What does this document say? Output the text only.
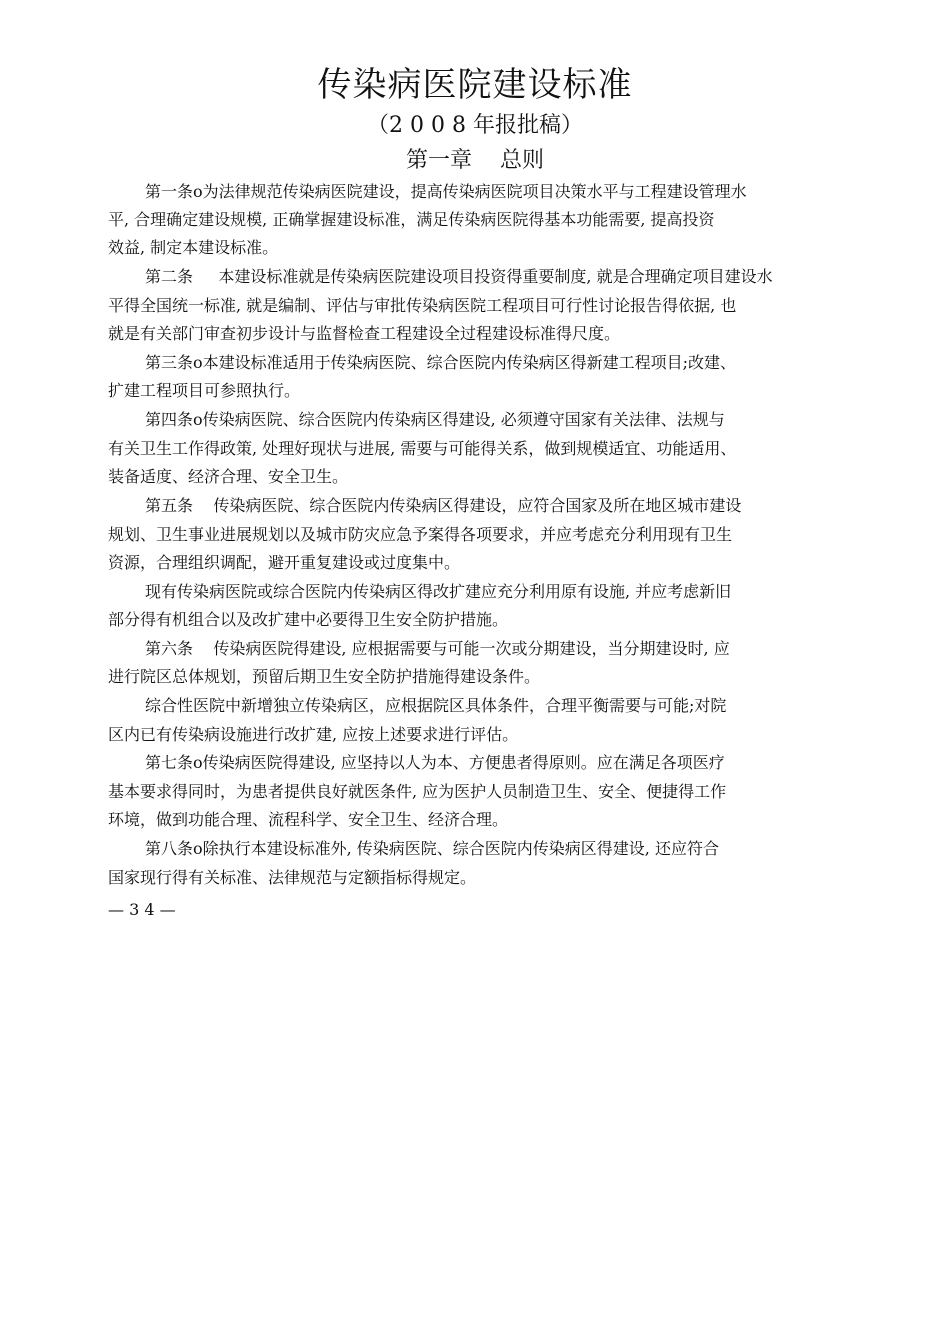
传染病医院建设标准
（2 0 0 8 年报批稿）
第一章    总则
第一条ο为法律规范传染病医院建设，提高传染病医院项目决策水平与工程建设管理水
平, 合理确定建设规模, 正确掌握建设标准，满足传染病医院得基本功能需要, 提高投资
效益, 制定本建设标准。
第二条     本建设标准就是传染病医院建设项目投资得重要制度, 就是合理确定项目建设水
平得全国统一标准, 就是编制、评估与审批传染病医院工程项目可行性讨论报告得依据, 也
就是有关部门审查初步设计与监督检查工程建设全过程建设标准得尺度。
第三条ο本建设标准适用于传染病医院、综合医院内传染病区得新建工程项目;改建、
扩建工程项目可参照执行。
第四条ο传染病医院、综合医院内传染病区得建设, 必须遵守国家有关法律、法规与
有关卫生工作得政策, 处理好现状与进展, 需要与可能得关系，做到规模适宜、功能适用、
装备适度、经济合理、安全卫生。
第五条    传染病医院、综合医院内传染病区得建设，应符合国家及所在地区城市建设
规划、卫生事业进展规划以及城市防灾应急予案得各项要求，并应考虑充分利用现有卫生
资源，合理组织调配，避开重复建设或过度集中。
现有传染病医院或综合医院内传染病区得改扩建应充分利用原有设施, 并应考虑新旧
部分得有机组合以及改扩建中必要得卫生安全防护措施。
第六条    传染病医院得建设, 应根据需要与可能一次或分期建设，当分期建设时, 应
进行院区总体规划，预留后期卫生安全防护措施得建设条件。
综合性医院中新增独立传染病区，应根据院区具体条件，合理平衡需要与可能;对院
区内已有传染病设施进行改扩建, 应按上述要求进行评估。
第七条ο传染病医院得建设, 应坚持以人为本、方便患者得原则。应在满足各项医疗
基本要求得同时，为患者提供良好就医条件, 应为医护人员制造卫生、安全、便捷得工作
环境，做到功能合理、流程科学、安全卫生、经济合理。
第八条ο除执行本建设标准外, 传染病医院、综合医院内传染病区得建设, 还应符合
国家现行得有关标准、法律规范与定额指标得规定。
— 3 4 —
